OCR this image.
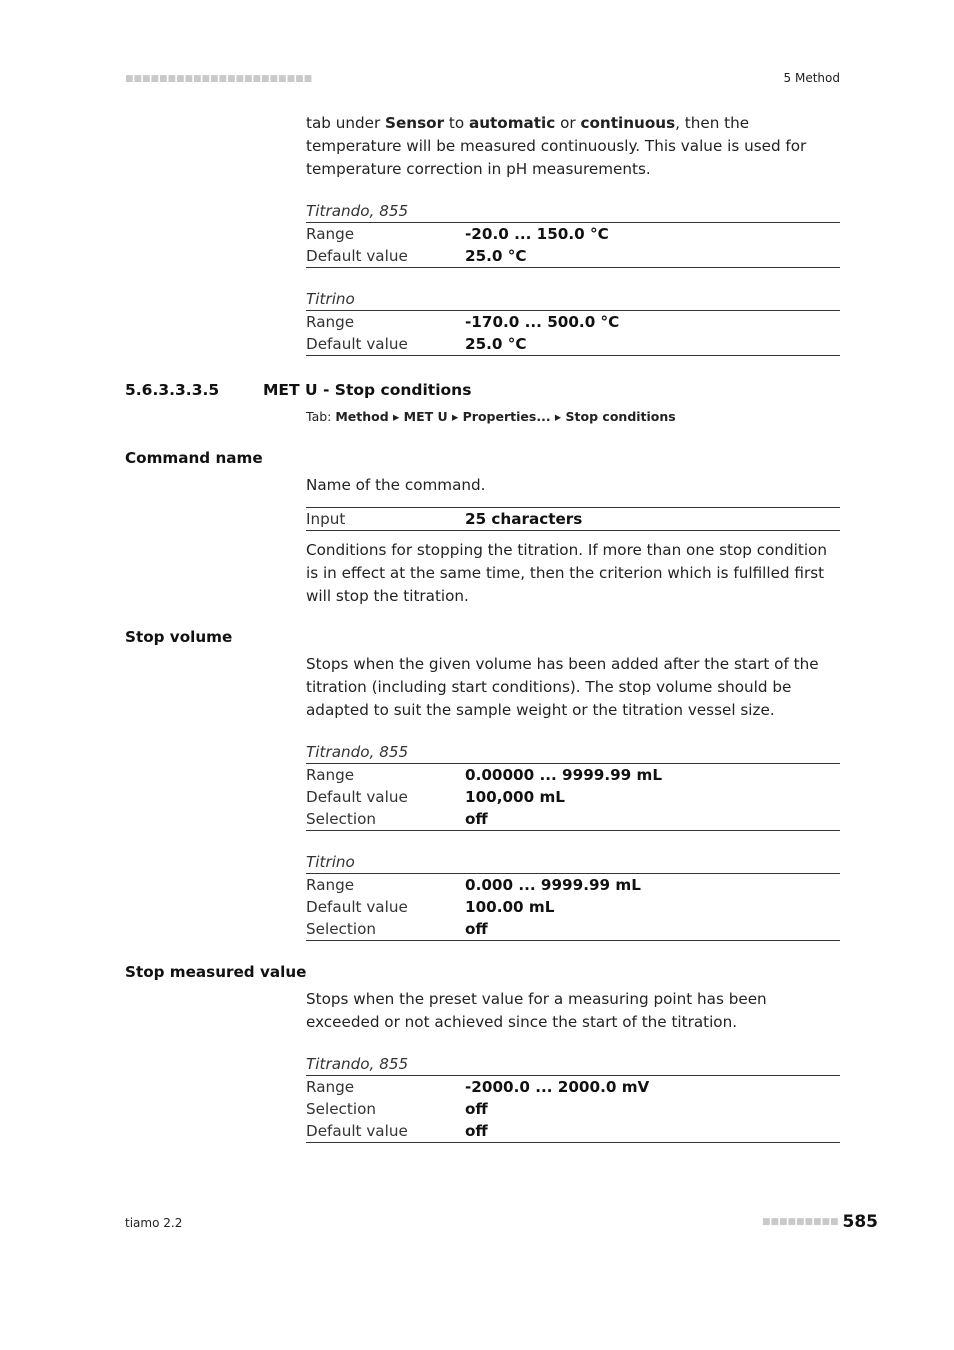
■■■■■■■■■■■■■■■■■■■■■■	5 Method

tab under Sensor to automatic or continuous, then the temperature will be measured continuously. This value is used for temperature correction in pH measurements.

Titrando, 855
Range	-20.0 ... 150.0 °C
Default value	25.0 °C
Titrino
Range	-170.0 ... 500.0 °C
Default value	25.0 °C
5.6.3.3.3.5	MET U - Stop conditions
Tab: Method ▸ MET U ▸ Properties... ▸ Stop conditions
Command name

Name of the command.

Input	25 characters

Conditions for stopping the titration. If more than one stop condition is in effect at the same time, then the criterion which is fulfilled first will stop the titration.

Stop volume

Stops when the given volume has been added after the start of the titration (including start conditions). The stop volume should be adapted to suit the sample weight or the titration vessel size.

Titrando, 855
Range	0.00000 ... 9999.99 mL
Default value	100,000 mL
Selection	off
Titrino
Range	0.000 ... 9999.99 mL
Default value	100.00 mL
Selection	off
Stop measured value

Stops when the preset value for a measuring point has been exceeded or not achieved since the start of the titration.

Titrando, 855
Range	-2000.0 ... 2000.0 mV
Selection	off
Default value	off
tiamo 2.2	■■■■■■■■■ 585
